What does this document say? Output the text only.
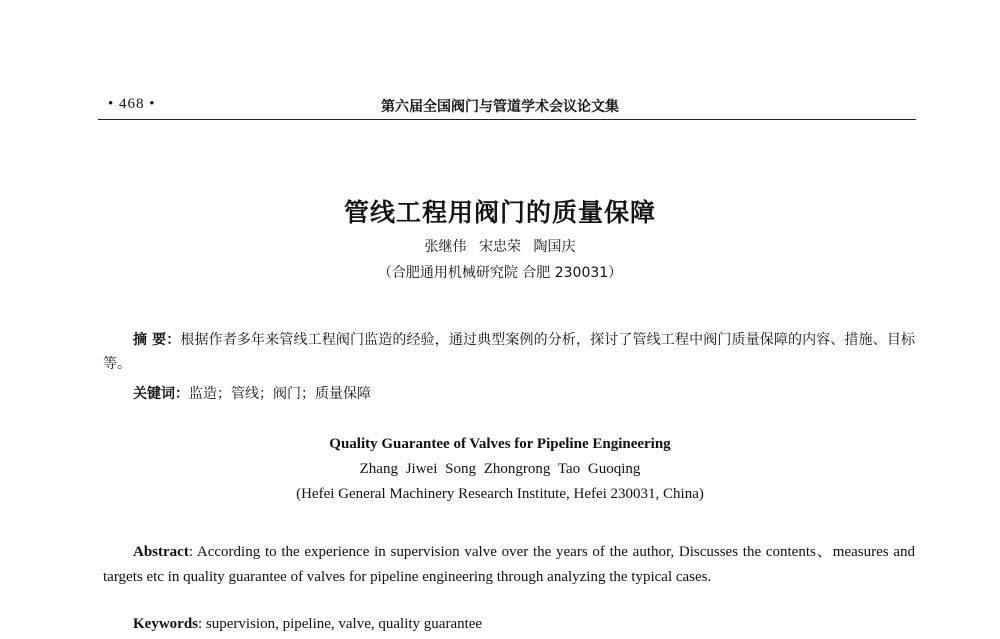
• 468 •	第六届全国阀门与管道学术会议论文集
管线工程用阀门的质量保障
张继伟 宋忠荣 陶国庆
（合肥通用机械研究院 合肥 230031）
摘 要：根据作者多年来管线工程阀门监造的经验，通过典型案例的分析，探讨了管线工程中阀门质量保障的内容、措施、目标等。
关键词：监造；管线；阀门；质量保障
Quality Guarantee of Valves for Pipeline Engineering
Zhang Jiwei Song Zhongrong Tao Guoqing
(Hefei General Machinery Research Institute, Hefei 230031, China)
Abstract: According to the experience in supervision valve over the years of the author, Discusses the contents、measures and targets etc in quality guarantee of valves for pipeline engineering through analyzing the typical cases.
Keywords: supervision, pipeline, valve, quality guarantee
